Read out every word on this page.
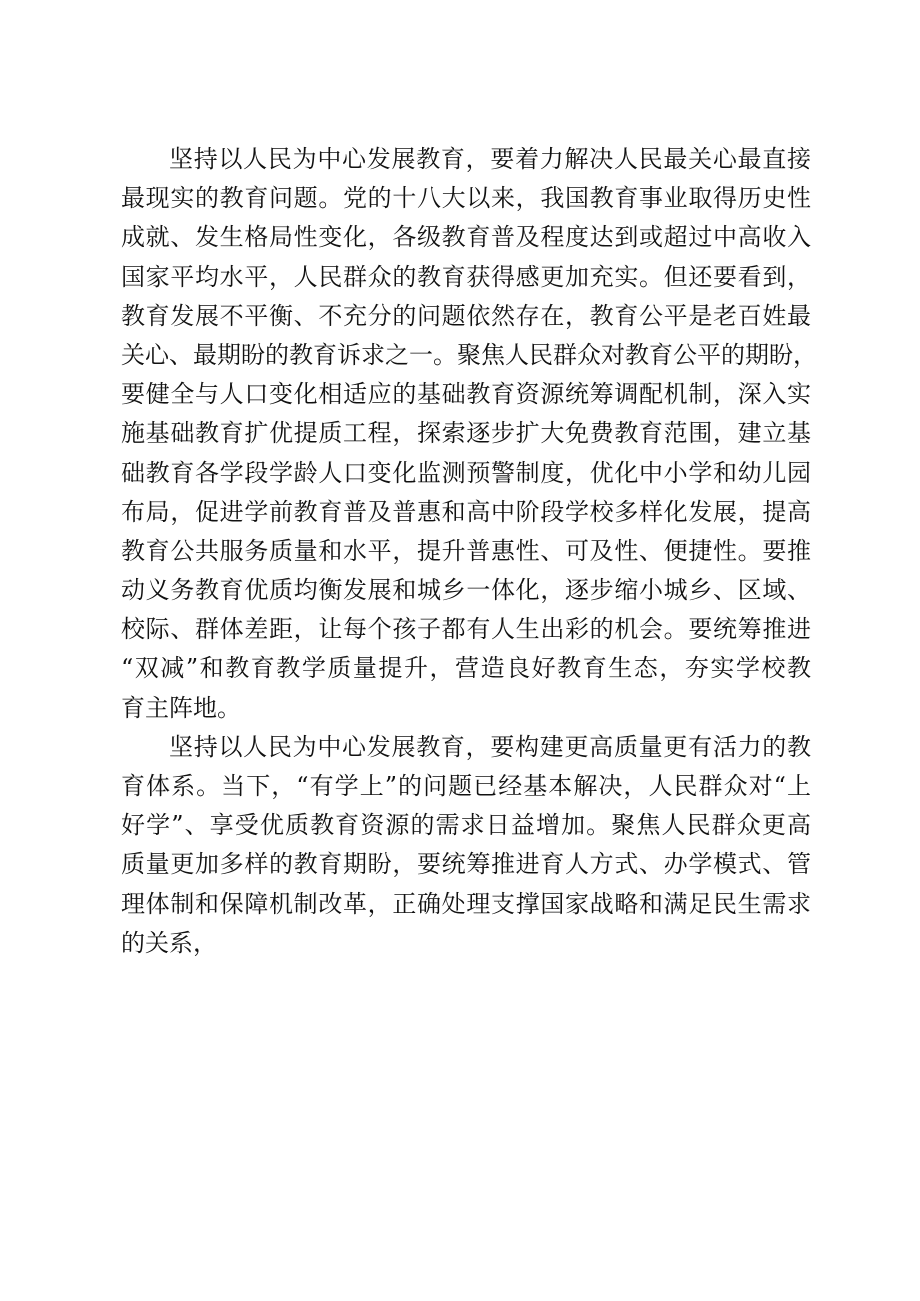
坚持以人民为中心发展教育，要着力解决人民最关心最直接
最现实的教育问题。党的十八大以来，我国教育事业取得历史性
成就、发生格局性变化，各级教育普及程度达到或超过中高收入
国家平均水平，人民群众的教育获得感更加充实。但还要看到，
教育发展不平衡、不充分的问题依然存在，教育公平是老百姓最
关心、最期盼的教育诉求之一。聚焦人民群众对教育公平的期盼，
要健全与人口变化相适应的基础教育资源统筹调配机制，深入实
施基础教育扩优提质工程，探索逐步扩大免费教育范围，建立基
础教育各学段学龄人口变化监测预警制度，优化中小学和幼儿园
布局，促进学前教育普及普惠和高中阶段学校多样化发展，提高
教育公共服务质量和水平，提升普惠性、可及性、便捷性。要推
动义务教育优质均衡发展和城乡一体化，逐步缩小城乡、区域、
校际、群体差距，让每个孩子都有人生出彩的机会。要统筹推进
“双减”和教育教学质量提升，营造良好教育生态，夯实学校教
育主阵地。
坚持以人民为中心发展教育，要构建更高质量更有活力的教
育体系。当下，“有学上”的问题已经基本解决，人民群众对“上
好学”、享受优质教育资源的需求日益增加。聚焦人民群众更高
质量更加多样的教育期盼，要统筹推进育人方式、办学模式、管
理体制和保障机制改革，正确处理支撑国家战略和满足民生需求
的关系，
